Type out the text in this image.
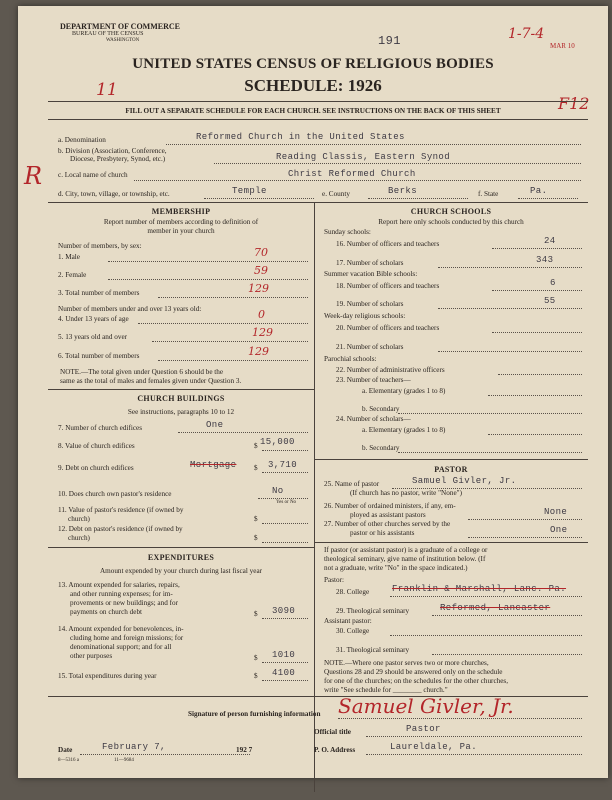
DEPARTMENT OF COMMERCE
BUREAU OF THE CENSUS
WASHINGTON	191	1-7-4
MAR 10
UNITED STATES CENSUS OF RELIGIOUS BODIES
SCHEDULE: 1926
11
F12
FILL OUT A SEPARATE SCHEDULE FOR EACH CHURCH. SEE INSTRUCTIONS ON THE BACK OF THIS SHEET
a. Denomination	Reformed Church in the United States
b. Division (Association, Conference,
Diocese, Presbytery, Synod, etc.)	Reading Classis, Eastern Synod
c. Local name of church	Christ Reformed Church
R
d. City, town, village, or township, etc.	Temple	e. County	Berks	f. State	Pa.
MEMBERSHIP
Report number of members according to definition of
member in your church
Number of members, by sex:
1. Male	70
2. Female	59
3. Total number of members	129
Number of members under and over 13 years old:
4. Under 13 years of age	0
5. 13 years old and over	129
6. Total number of members	129
NOTE.—The total given under Question 6 should be the
same as the total of males and females given under Question 3.
CHURCH BUILDINGS
See instructions, paragraphs 10 to 12
7. Number of church edifices	One
8. Value of church edifices	$ 15,000
9. Debt on church edifices	Mortgage $ 3,710
10. Does church own pastor's residence	No
Yes or No
11. Value of pastor's residence (if owned by
church)	$
12. Debt on pastor's residence (if owned by
church)	$
EXPENDITURES
Amount expended by your church during last fiscal year
13. Amount expended for salaries, repairs,
and other running expenses; for im-
provements or new buildings; and for
payments on church debt	$ 3090
14. Amount expended for benevolences, in-
cluding home and foreign missions; for
denominational support; and for all
other purposes	$ 1010
15. Total expenditures during year	$ 4100
CHURCH SCHOOLS
Report here only schools conducted by this church
Sunday schools:
16. Number of officers and teachers	24
17. Number of scholars	343
Summer vacation Bible schools:
18. Number of officers and teachers	6
19. Number of scholars	55
Week-day religious schools:
20. Number of officers and teachers
21. Number of scholars
Parochial schools:
22. Number of administrative officers
23. Number of teachers—
a. Elementary (grades 1 to 8)
b. Secondary
24. Number of scholars—
a. Elementary (grades 1 to 8)
b. Secondary
PASTOR
25. Name of pastor	Samuel Givler, Jr.
(If church has no pastor, write "None")
26. Number of ordained ministers, if any, em-
ployed as assistant pastors	None
27. Number of other churches served by the
pastor or his assistants	One
If pastor (or assistant pastor) is a graduate of a college or
theological seminary, give name of institution below. (If
not a graduate, write "No" in the space indicated.)
Pastor:
28. College	Franklin & Marshall, Lanc. Pa.
29. Theological seminary	Reformed, Lancaster
Assistant pastor:
30. College
31. Theological seminary
NOTE.—Where one pastor serves two or more churches,
Questions 28 and 29 should be answered only on the schedule
for one of the churches; on the schedules for the other churches,
write "See schedule for ________ church."
Signature of person furnishing information Samuel Givler, Jr.
Official title	Pastor
Date	February 7,	192 7	P. O. Address	Laureldale, Pa.
8—5316 a	11—9684
